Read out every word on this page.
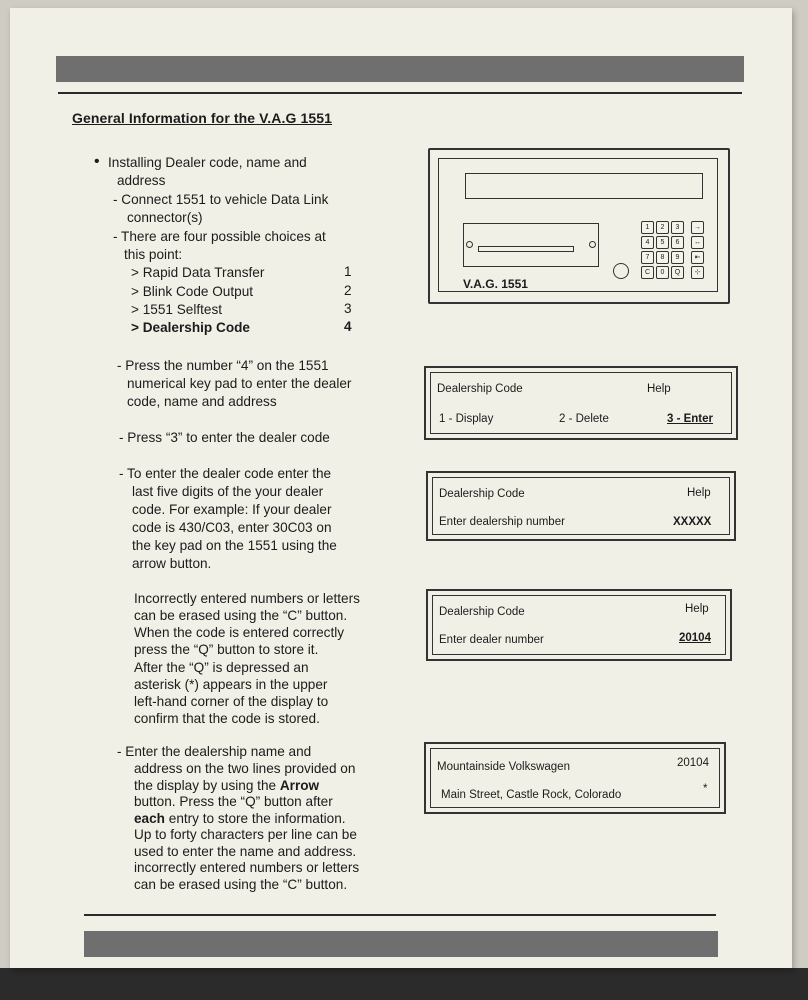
General Information for the V.A.G 1551
• Installing Dealer code, name and
address
- Connect 1551 to vehicle Data Link
connector(s)
- There are four possible choices at
this point:
> Rapid Data Transfer	1
> Blink Code Output	2
> 1551 Selftest	3
> Dealership Code	4
- Press the number “4” on the 1551
numerical key pad to enter the dealer
code, name and address
- Press “3” to enter the dealer code
- To enter the dealer code enter the
last five digits of the your dealer
code. For example: If your dealer
code is 430/C03, enter 30C03 on
the key pad on the 1551 using the
arrow button.
Incorrectly entered numbers or letters
can be erased using the “C” button.
When the code is entered correctly
press the “Q” button to store it.
After the “Q” is depressed an
asterisk (*) appears in the upper
left-hand corner of the display to
confirm that the code is stored.
- Enter the dealership name and
address on the two lines provided on
the display by using the Arrow
button. Press the “Q” button after
each entry to store the information.
Up to forty characters per line can be
used to enter the name and address.
incorrectly entered numbers or letters
can be erased using the “C” button.
V.A.G. 1551
1	2	3
4	5	6
7	8	9
C	0	Q
→
↔
⇤
⊹
Dealership Code	Help
1 - Display	2 - Delete	3 - Enter
Dealership Code	Help
Enter dealership number	XXXXX
Dealership Code	Help
Enter dealer number	20104
Mountainside Volkswagen	20104
Main Street, Castle Rock, Colorado	*
